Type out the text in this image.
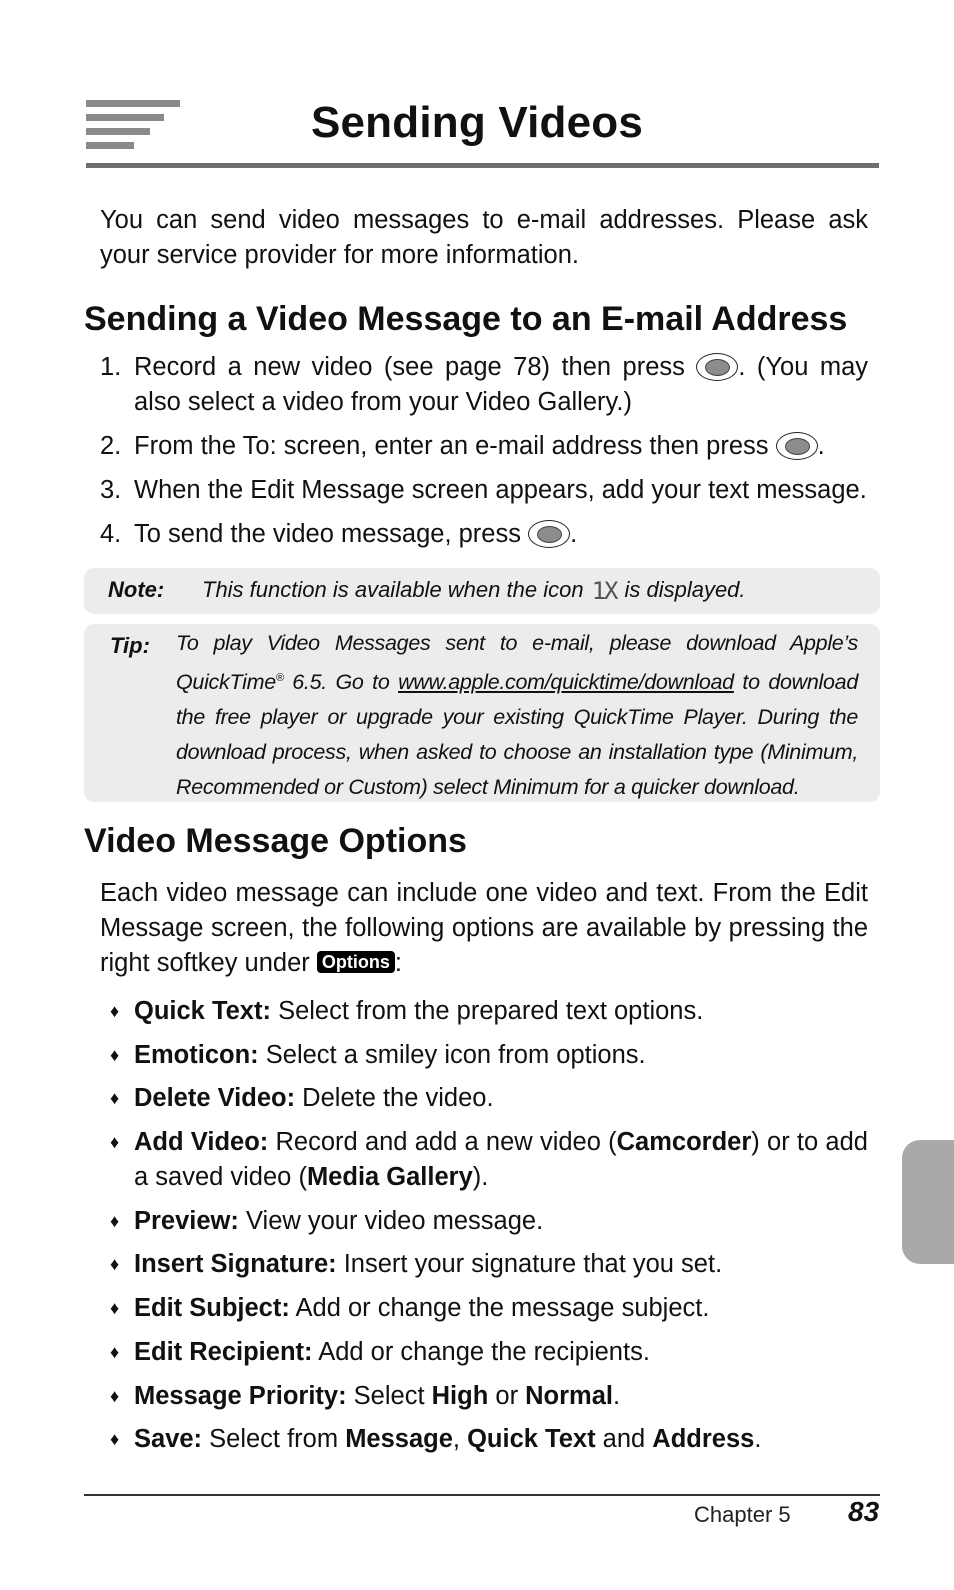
Sending Videos

You can send video messages to e-mail addresses. Please ask your service provider for more information.

Sending a Video Message to an E-mail Address
1. Record a new video (see page 78) then press . (You may also select a video from your Video Gallery.)
2. From the To: screen, enter an e-mail address then press .
3. When the Edit Message screen appears, add your text message.
4. To send the video message, press .
Note: This function is available when the icon 1X is displayed.
Tip: To play Video Messages sent to e-mail, please download Apple’s QuickTime® 6.5. Go to www.apple.com/quicktime/download to download the free player or upgrade your existing QuickTime Player. During the download process, when asked to choose an installation type (Minimum, Recommended or Custom) select Minimum for a quicker download.

Video Message Options

Each video message can include one video and text. From the Edit Message screen, the following options are available by pressing the right softkey under Options :

♦ Quick Text: Select from the prepared text options.
♦ Emoticon: Select a smiley icon from options.
♦ Delete Video: Delete the video.
♦ Add Video: Record and add a new video (Camcorder) or to add a saved video (Media Gallery).
♦ Preview: View your video message.
♦ Insert Signature: Insert your signature that you set.
♦ Edit Subject: Add or change the message subject.
♦ Edit Recipient: Add or change the recipients.
♦ Message Priority: Select High or Normal.
♦ Save: Select from Message, Quick Text and Address.
Chapter 5 83
